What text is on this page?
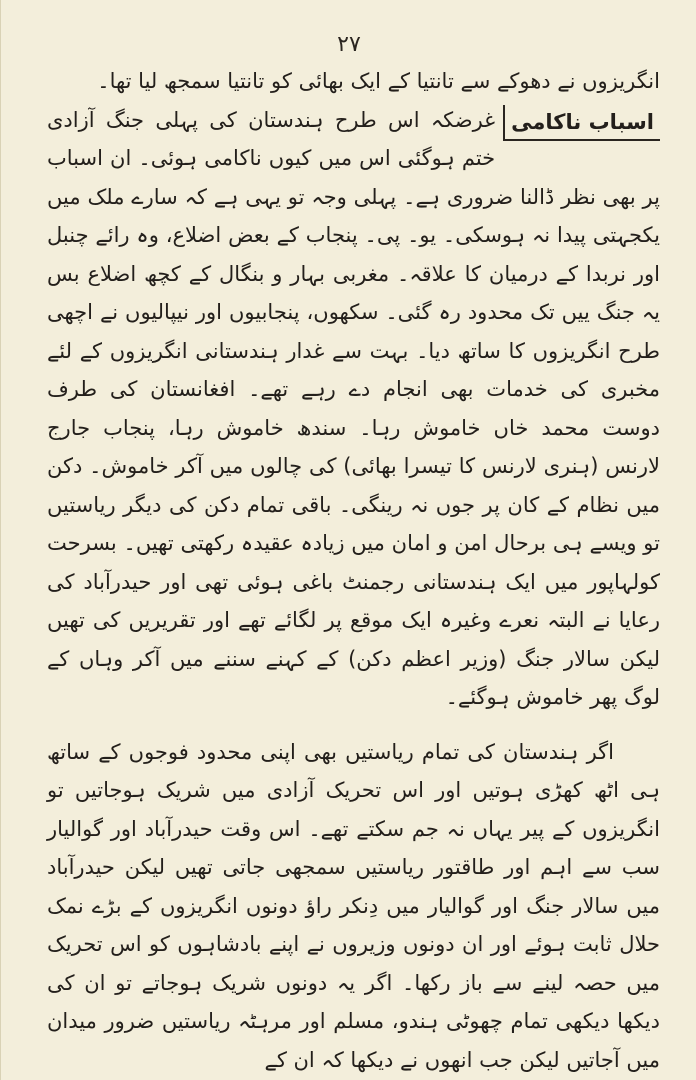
٢٧

انگریزوں نے دھوکے سے تانتیا کے ایک بھائی کو تانتیا سمجھ لیا تھا۔

اسباب ناکامی
غرضکہ اس طرح ہندستان کی پہلی جنگ آزادی ختم ہوگئی اس میں کیوں ناکامی ہوئی۔ ان اسباب پر بھی نظر ڈالنا ضروری ہے۔ پہلی وجہ تو یہی ہے کہ سارے ملک میں یکجہتی پیدا نہ ہوسکی۔ یو۔ پی۔ پنجاب کے بعض اضلاع، وہ رائے چنبل اور نربدا کے درمیان کا علاقہ۔ مغربی بہار و بنگال کے کچھ اضلاع بس یہ جنگ ییں تک محدود رہ گئی۔ سکھوں، پنجابیوں اور نیپالیوں نے اچھی طرح انگریزوں کا ساتھ دیا۔ بہت سے غدار ہندستانی انگریزوں کے لئے مخبری کی خدمات بھی انجام دے رہے تھے۔ افغانستان کی طرف دوست محمد خاں خاموش رہا۔ سندھ خاموش رہا، پنجاب جارج لارنس (ہنری لارنس کا تیسرا بھائی) کی چالوں میں آکر خاموش۔ دکن میں نظام کے کان پر جوں نہ رینگی۔ باقی تمام دکن کی دیگر ریاستیں تو ویسے ہی برحال امن و امان میں زیادہ عقیدہ رکھتی تھیں۔ بسرحت کولہاپور میں ایک ہندستانی رجمنٹ باغی ہوئی تھی اور حیدرآباد کی رعایا نے البتہ نعرے وغیرہ ایک موقع پر لگائے تھے اور تقریریں کی تھیں لیکن سالار جنگ (وزیر اعظم دکن) کے کہنے سننے میں آکر وہاں کے لوگ پھر خاموش ہوگئے۔

اگر ہندستان کی تمام ریاستیں بھی اپنی محدود فوجوں کے ساتھ ہی اٹھ کھڑی ہوتیں اور اس تحریک آزادی میں شریک ہوجاتیں تو انگریزوں کے پیر یہاں نہ جم سکتے تھے۔ اس وقت حیدرآباد اور گوالیار سب سے اہم اور طاقتور ریاستیں سمجھی جاتی تھیں لیکن حیدرآباد میں سالار جنگ اور گوالیار میں دِنکر راؤ دونوں انگریزوں کے بڑے نمک حلال ثابت ہوئے اور ان دونوں وزیروں نے اپنے بادشاہوں کو اس تحریک میں حصہ لینے سے باز رکھا۔ اگر یہ دونوں شریک ہوجاتے تو ان کی دیکھا دیکھی تمام چھوٹی ہندو، مسلم اور مرہٹہ ریاستیں ضرور میدان میں آجاتیں لیکن جب انھوں نے دیکھا کہ ان کے
